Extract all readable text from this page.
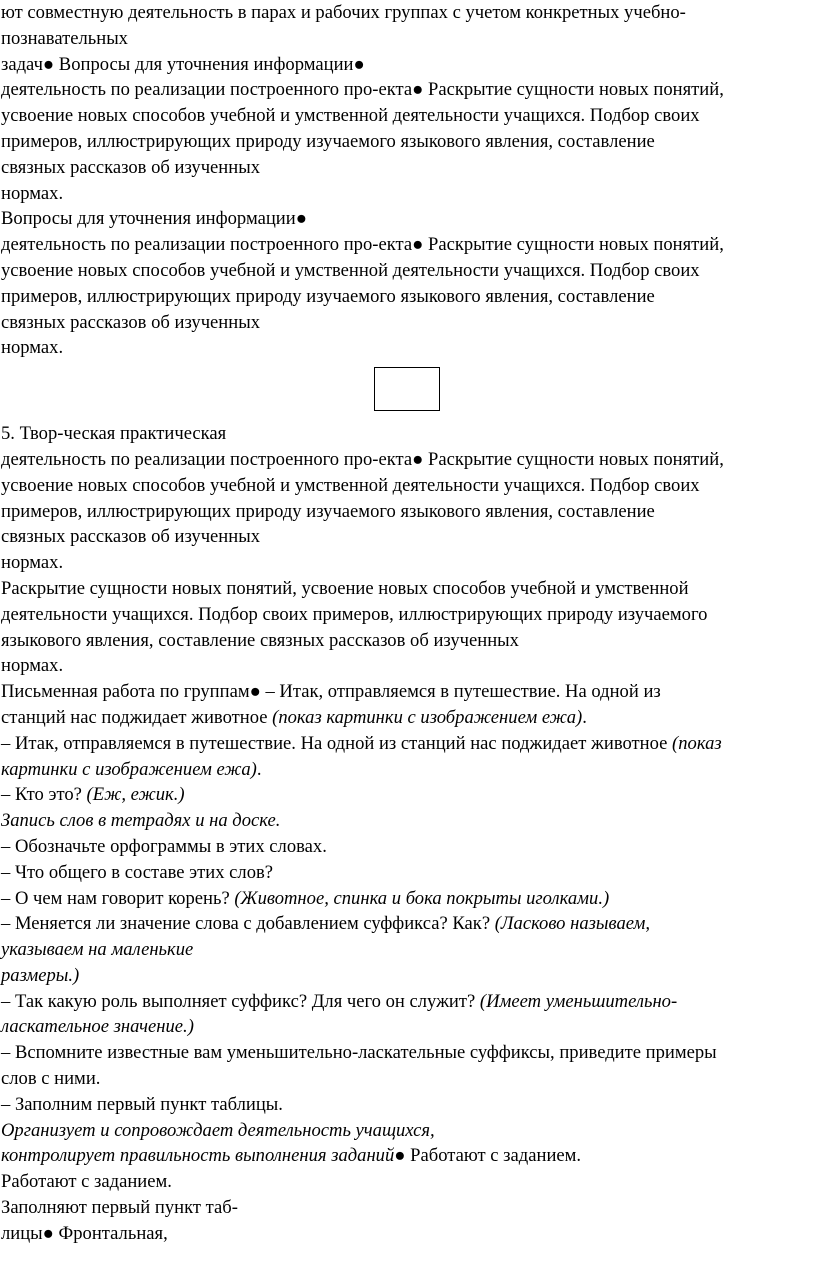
ют совместную деятельность в парах и рабочих группах с учетом конкретных учебно-

познавательных

задач● Вопросы для уточнения информации●

деятельность по реализации построенного про-екта● Раскрытие сущности новых понятий,

усвоение новых способов учебной и умственной деятельности учащихся. Подбор своих

примеров, иллюстрирующих природу изучаемого языкового явления, составление

связных рассказов об изученных

нормах.

Вопросы для уточнения информации●

деятельность по реализации построенного про-екта● Раскрытие сущности новых понятий,

усвоение новых способов учебной и умственной деятельности учащихся. Подбор своих

примеров, иллюстрирующих природу изучаемого языкового явления, составление

связных рассказов об изученных

нормах.

5. Твор-ческая практическая

деятельность по реализации построенного про-екта● Раскрытие сущности новых понятий,

усвоение новых способов учебной и умственной деятельности учащихся. Подбор своих

примеров, иллюстрирующих природу изучаемого языкового явления, составление

связных рассказов об изученных

нормах.

Раскрытие сущности новых понятий, усвоение новых способов учебной и умственной

деятельности учащихся. Подбор своих примеров, иллюстрирующих природу изучаемого

языкового явления, составление связных рассказов об изученных

нормах.

Письменная работа по группам● – Итак, отправляемся в путешествие. На одной из

станций нас поджидает животное (показ картинки с изображением ежа).

– Итак, отправляемся в путешествие. На одной из станций нас поджидает животное (показ

картинки с изображением ежа).

– Кто это? (Еж, ежик.)

Запись слов в тетрадях и на доске.

– Обозначьте орфограммы в этих словах.

– Что общего в составе этих слов?

– О чем нам говорит корень? (Животное, спинка и бока покрыты иголками.)

– Меняется ли значение слова с добавлением суффикса? Как? (Ласково называем,

указываем на маленькие

размеры.)

– Так какую роль выполняет суффикс? Для чего он служит? (Имеет уменьшительно-

ласкательное значение.)

– Вспомните известные вам уменьшительно-ласкательные суффиксы, приведите примеры

слов с ними.

– Заполним первый пункт таблицы.

Организует и сопровождает деятельность учащихся,

контролирует правильность выполнения заданий● Работают с заданием.

Работают с заданием.

Заполняют первый пункт таб-

лицы● Фронтальная,
